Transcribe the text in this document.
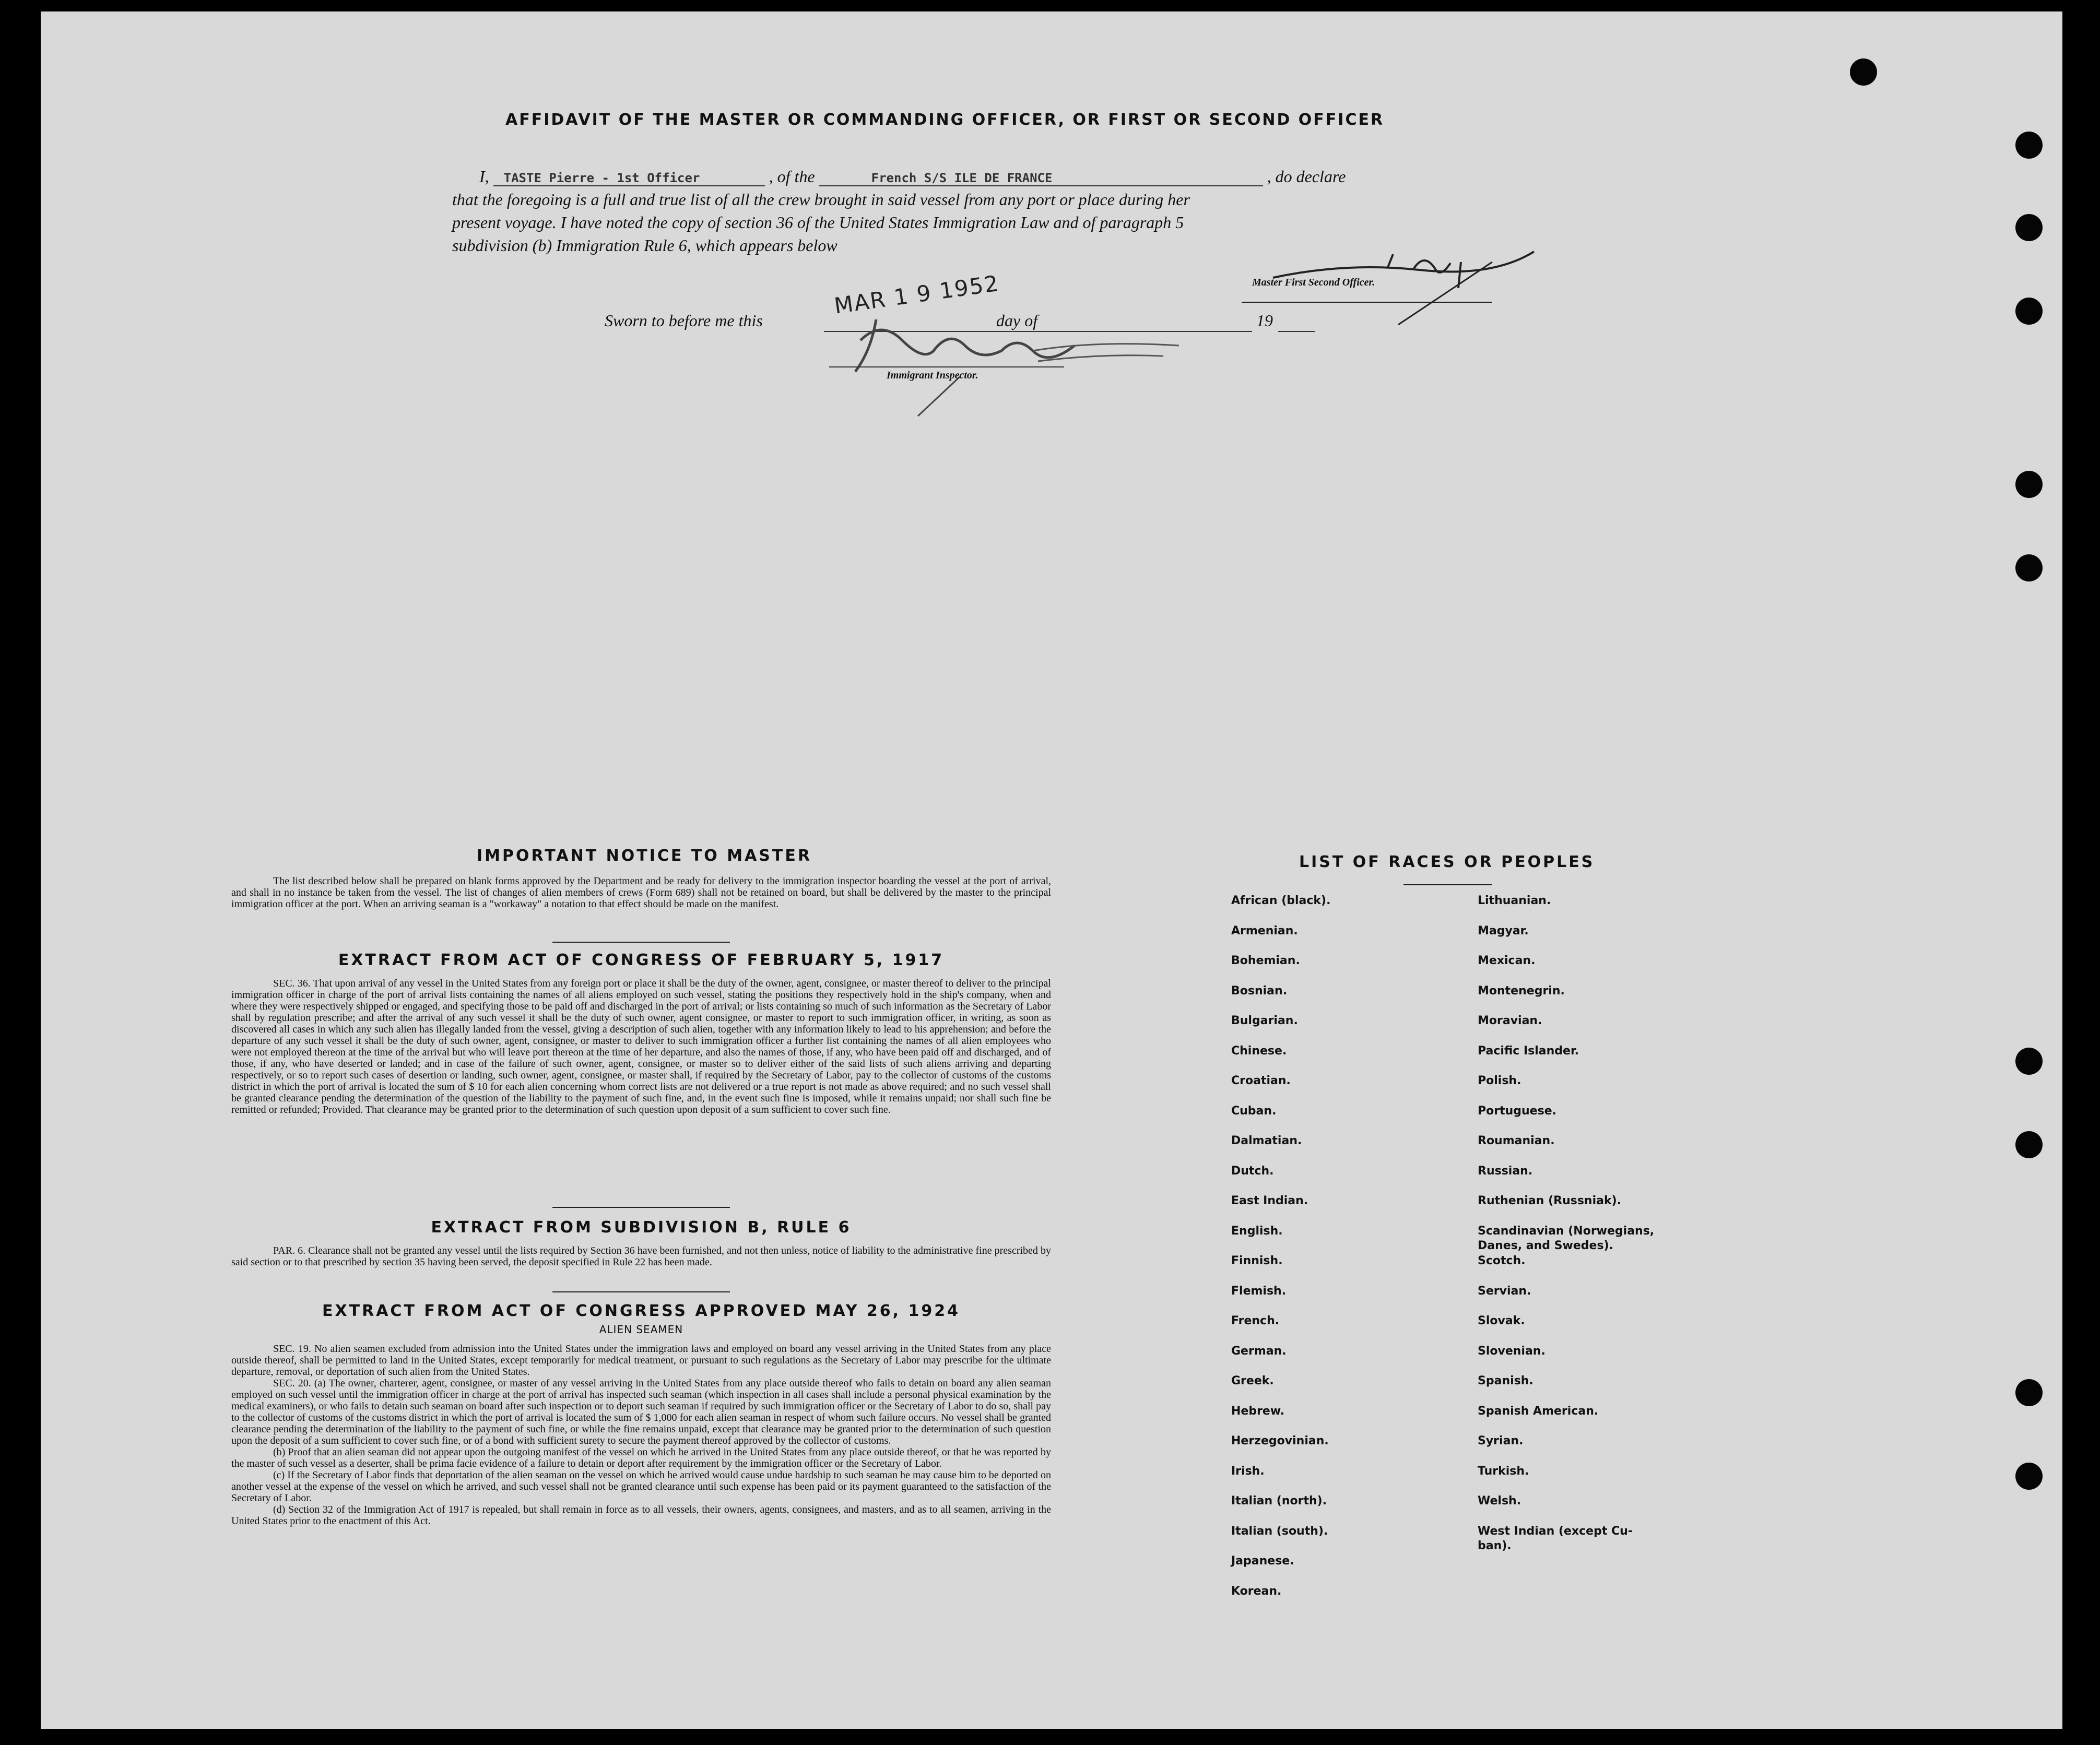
AFFIDAVIT OF THE MASTER OR COMMANDING OFFICER, OR FIRST OR SECOND OFFICER
I, TASTE Pierre - 1st Officer	, of the	French S/S ILE DE FRANCE	, do declare
that the foregoing is a full and true list of all the crew brought in said vessel from any port or place during her
present voyage. I have noted the copy of section 36 of the United States Immigration Law and of paragraph 5
subdivision (b) Immigration Rule 6, which appears below
Master First Second Officer.
Sworn to before me this
MAR 1 9 1952
day of	19
Immigrant Inspector.
IMPORTANT NOTICE TO MASTER
The list described below shall be prepared on blank forms approved by the Department and be ready for delivery to the immigration inspector boarding the vessel at the port of arrival, and shall in no instance be taken from the vessel. The list of changes of alien members of crews (Form 689) shall not be retained on board, but shall be delivered by the master to the principal immigration officer at the port. When an arriving seaman is a "workaway" a notation to that effect should be made on the manifest.
EXTRACT FROM ACT OF CONGRESS OF FEBRUARY 5, 1917
SEC. 36. That upon arrival of any vessel in the United States from any foreign port or place it shall be the duty of the owner, agent, consignee, or master thereof to deliver to the principal immigration officer in charge of the port of arrival lists containing the names of all aliens employed on such vessel, stating the positions they respectively hold in the ship's company, when and where they were respectively shipped or engaged, and specifying those to be paid off and discharged in the port of arrival; or lists containing so much of such information as the Secretary of Labor shall by regulation prescribe; and after the arrival of any such vessel it shall be the duty of such owner, agent consignee, or master to report to such immigration officer, in writing, as soon as discovered all cases in which any such alien has illegally landed from the vessel, giving a description of such alien, together with any information likely to lead to his apprehension; and before the departure of any such vessel it shall be the duty of such owner, agent, consignee, or master to deliver to such immigration officer a further list containing the names of all alien employees who were not employed thereon at the time of the arrival but who will leave port thereon at the time of her departure, and also the names of those, if any, who have been paid off and discharged, and of those, if any, who have deserted or landed; and in case of the failure of such owner, agent, consignee, or master so to deliver either of the said lists of such aliens arriving and departing respectively, or so to report such cases of desertion or landing, such owner, agent, consignee, or master shall, if required by the Secretary of Labor, pay to the collector of customs of the customs district in which the port of arrival is located the sum of $ 10 for each alien concerning whom correct lists are not delivered or a true report is not made as above required; and no such vessel shall be granted clearance pending the determination of the question of the liability to the payment of such fine, and, in the event such fine is imposed, while it remains unpaid; nor shall such fine be remitted or refunded; Provided. That clearance may be granted prior to the determination of such question upon deposit of a sum sufficient to cover such fine.
EXTRACT FROM SUBDIVISION B, RULE 6
PAR. 6. Clearance shall not be granted any vessel until the lists required by Section 36 have been furnished, and not then unless, notice of liability to the administrative fine prescribed by said section or to that prescribed by section 35 having been served, the deposit specified in Rule 22 has been made.
EXTRACT FROM ACT OF CONGRESS APPROVED MAY 26, 1924
ALIEN SEAMEN
SEC. 19. No alien seamen excluded from admission into the United States under the immigration laws and employed on board any vessel arriving in the United States from any place outside thereof, shall be permitted to land in the United States, except temporarily for medical treatment, or pursuant to such regulations as the Secretary of Labor may prescribe for the ultimate departure, removal, or deportation of such alien from the United States.
SEC. 20. (a) The owner, charterer, agent, consignee, or master of any vessel arriving in the United States from any place outside thereof who fails to detain on board any alien seaman employed on such vessel until the immigration officer in charge at the port of arrival has inspected such seaman (which inspection in all cases shall include a personal physical examination by the medical examiners), or who fails to detain such seaman on board after such inspection or to deport such seaman if required by such immigration officer or the Secretary of Labor to do so, shall pay to the collector of customs of the customs district in which the port of arrival is located the sum of $ 1,000 for each alien seaman in respect of whom such failure occurs. No vessel shall be granted clearance pending the determination of the liability to the payment of such fine, or while the fine remains unpaid, except that clearance may be granted prior to the determination of such question upon the deposit of a sum sufficient to cover such fine, or of a bond with sufficient surety to secure the payment thereof approved by the collector of customs.
(b) Proof that an alien seaman did not appear upon the outgoing manifest of the vessel on which he arrived in the United States from any place outside thereof, or that he was reported by the master of such vessel as a deserter, shall be prima facie evidence of a failure to detain or deport after requirement by the immigration officer or the Secretary of Labor.
(c) If the Secretary of Labor finds that deportation of the alien seaman on the vessel on which he arrived would cause undue hardship to such seaman he may cause him to be deported on another vessel at the expense of the vessel on which he arrived, and such vessel shall not be granted clearance until such expense has been paid or its payment guaranteed to the satisfaction of the Secretary of Labor.
(d) Section 32 of the Immigration Act of 1917 is repealed, but shall remain in force as to all vessels, their owners, agents, consignees, and masters, and as to all seamen, arriving in the United States prior to the enactment of this Act.
LIST OF RACES OR PEOPLES
African (black).
Armenian.
Bohemian.
Bosnian.
Bulgarian.
Chinese.
Croatian.
Cuban.
Dalmatian.
Dutch.
East Indian.
English.
Finnish.
Flemish.
French.
German.
Greek.
Hebrew.
Herzegovinian.
Irish.
Italian (north).
Italian (south).
Japanese.
Korean.
Lithuanian.
Magyar.
Mexican.
Montenegrin.
Moravian.
Pacific Islander.
Polish.
Portuguese.
Roumanian.
Russian.
Ruthenian (Russniak).
Scandinavian (Norwegians,
Danes, and Swedes).
Scotch.
Servian.
Slovak.
Slovenian.
Spanish.
Spanish American.
Syrian.
Turkish.
Welsh.
West Indian (except Cu-
ban).
